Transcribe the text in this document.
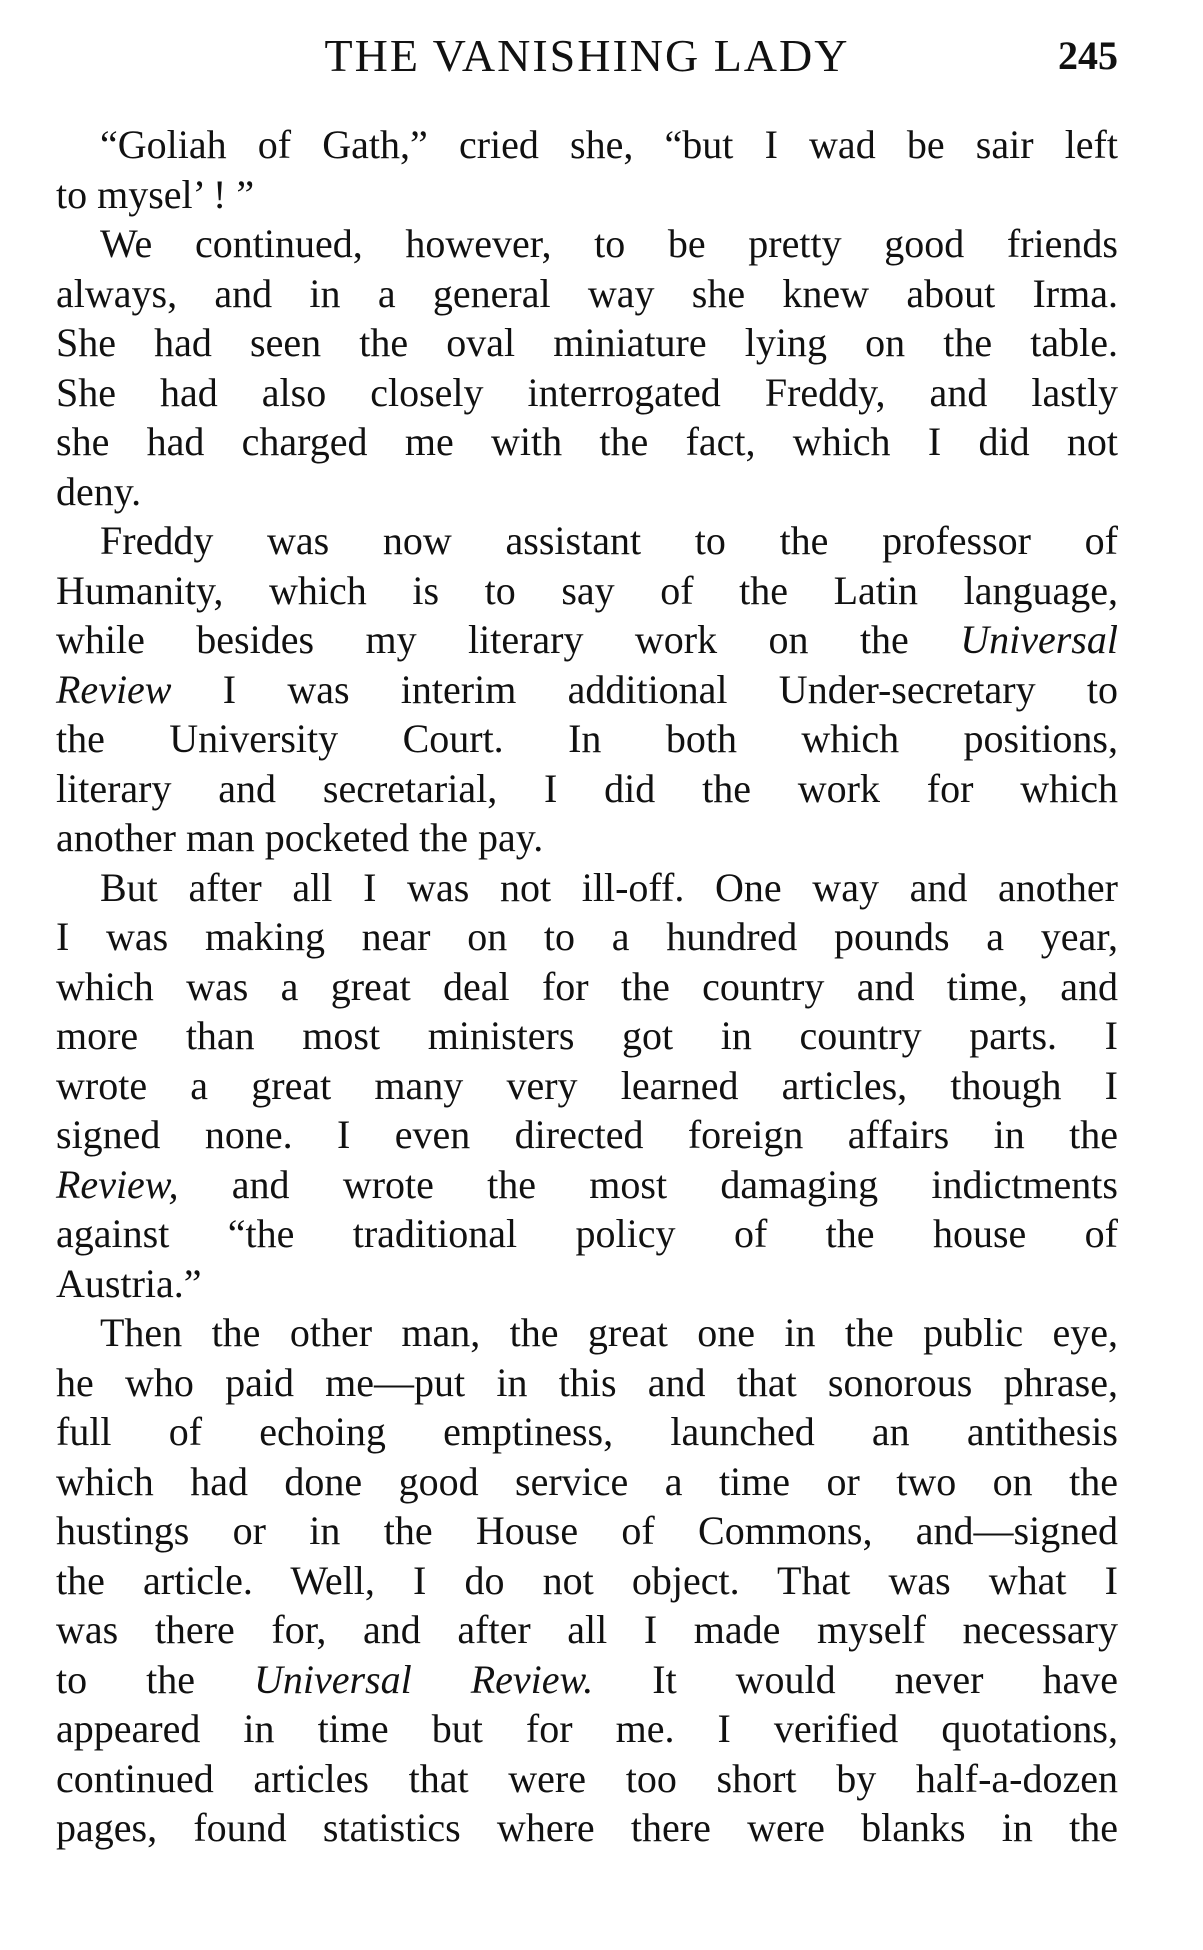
THE VANISHING LADY	245
“Goliah of Gath,” cried she, “but I wad be sair left
to mysel’ ! ”
We continued, however, to be pretty good friends
always, and in a general way she knew about Irma.
She had seen the oval miniature lying on the table.
She had also closely interrogated Freddy, and lastly
she had charged me with the fact, which I did not
deny.
Freddy was now assistant to the professor of
Humanity, which is to say of the Latin language,
while besides my literary work on the Universal
Review I was interim additional Under-secretary to
the University Court. In both which positions,
literary and secretarial, I did the work for which
another man pocketed the pay.
But after all I was not ill-off. One way and another
I was making near on to a hundred pounds a year,
which was a great deal for the country and time, and
more than most ministers got in country parts. I
wrote a great many very learned articles, though I
signed none. I even directed foreign affairs in the
Review, and wrote the most damaging indictments
against “the traditional policy of the house of
Austria.”
Then the other man, the great one in the public eye,
he who paid me—put in this and that sonorous phrase,
full of echoing emptiness, launched an antithesis
which had done good service a time or two on the
hustings or in the House of Commons, and—signed
the article. Well, I do not object. That was what I
was there for, and after all I made myself necessary
to the Universal Review. It would never have
appeared in time but for me. I verified quotations,
continued articles that were too short by half-a-dozen
pages, found statistics where there were blanks in the
